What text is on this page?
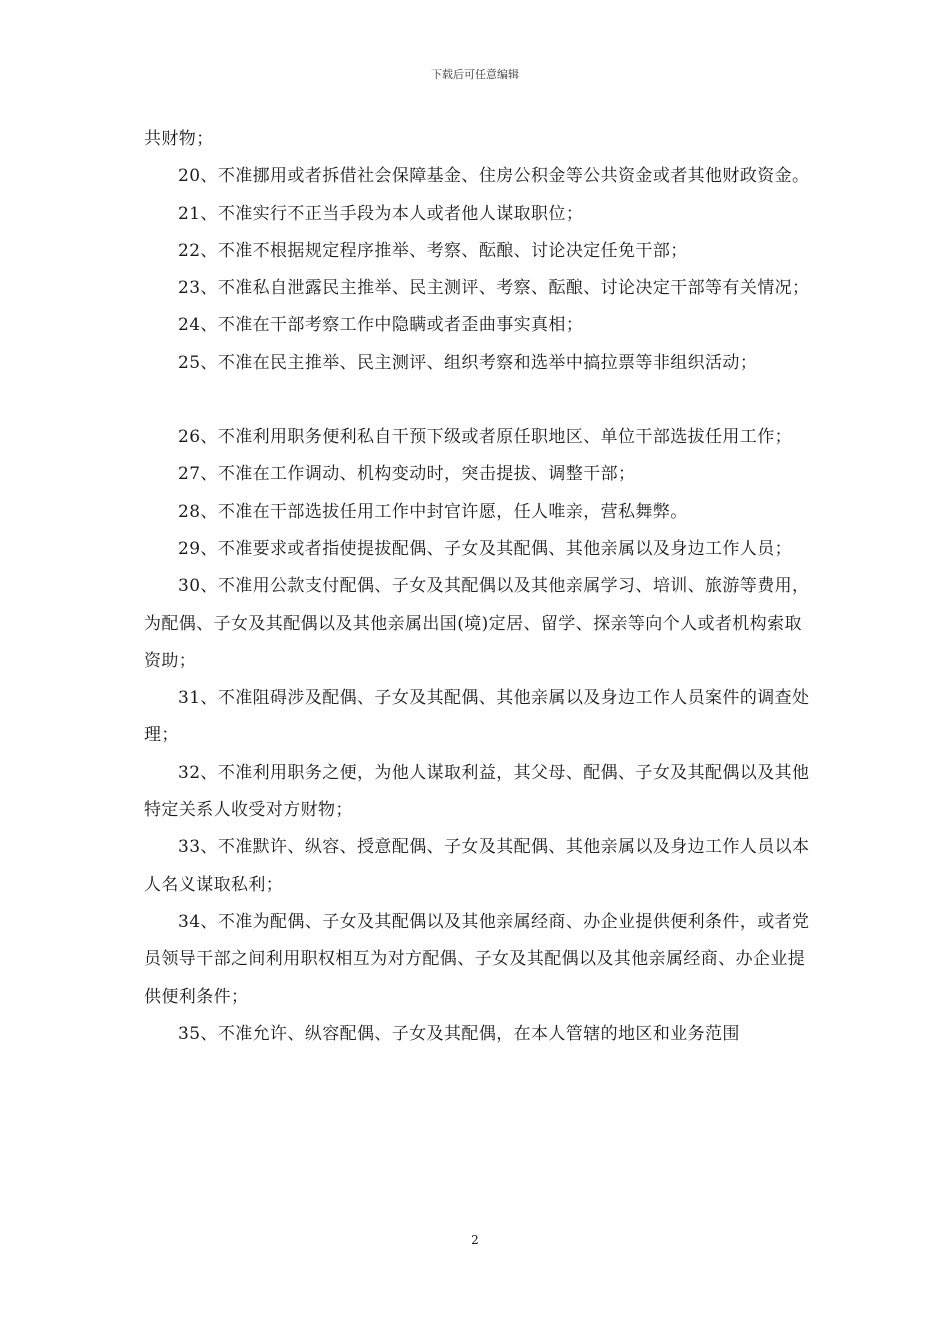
下载后可任意编辑

共财物；

20、不准挪用或者拆借社会保障基金、住房公积金等公共资金或者其他财政资金。

21、不准实行不正当手段为本人或者他人谋取职位；

22、不准不根据规定程序推举、考察、酝酿、讨论决定任免干部；

23、不准私自泄露民主推举、民主测评、考察、酝酿、讨论决定干部等有关情况；

24、不准在干部考察工作中隐瞒或者歪曲事实真相；

25、不准在民主推举、民主测评、组织考察和选举中搞拉票等非组织活动；

26、不准利用职务便利私自干预下级或者原任职地区、单位干部选拔任用工作；

27、不准在工作调动、机构变动时，突击提拔、调整干部；

28、不准在干部选拔任用工作中封官许愿，任人唯亲，营私舞弊。

29、不准要求或者指使提拔配偶、子女及其配偶、其他亲属以及身边工作人员；

30、不准用公款支付配偶、子女及其配偶以及其他亲属学习、培训、旅游等费用，为配偶、子女及其配偶以及其他亲属出国(境)定居、留学、探亲等向个人或者机构索取资助；

31、不准阻碍涉及配偶、子女及其配偶、其他亲属以及身边工作人员案件的调查处理；

32、不准利用职务之便，为他人谋取利益，其父母、配偶、子女及其配偶以及其他特定关系人收受对方财物；

33、不准默许、纵容、授意配偶、子女及其配偶、其他亲属以及身边工作人员以本人名义谋取私利；

34、不准为配偶、子女及其配偶以及其他亲属经商、办企业提供便利条件，或者党员领导干部之间利用职权相互为对方配偶、子女及其配偶以及其他亲属经商、办企业提供便利条件；

35、不准允许、纵容配偶、子女及其配偶，在本人管辖的地区和业务范围

2
